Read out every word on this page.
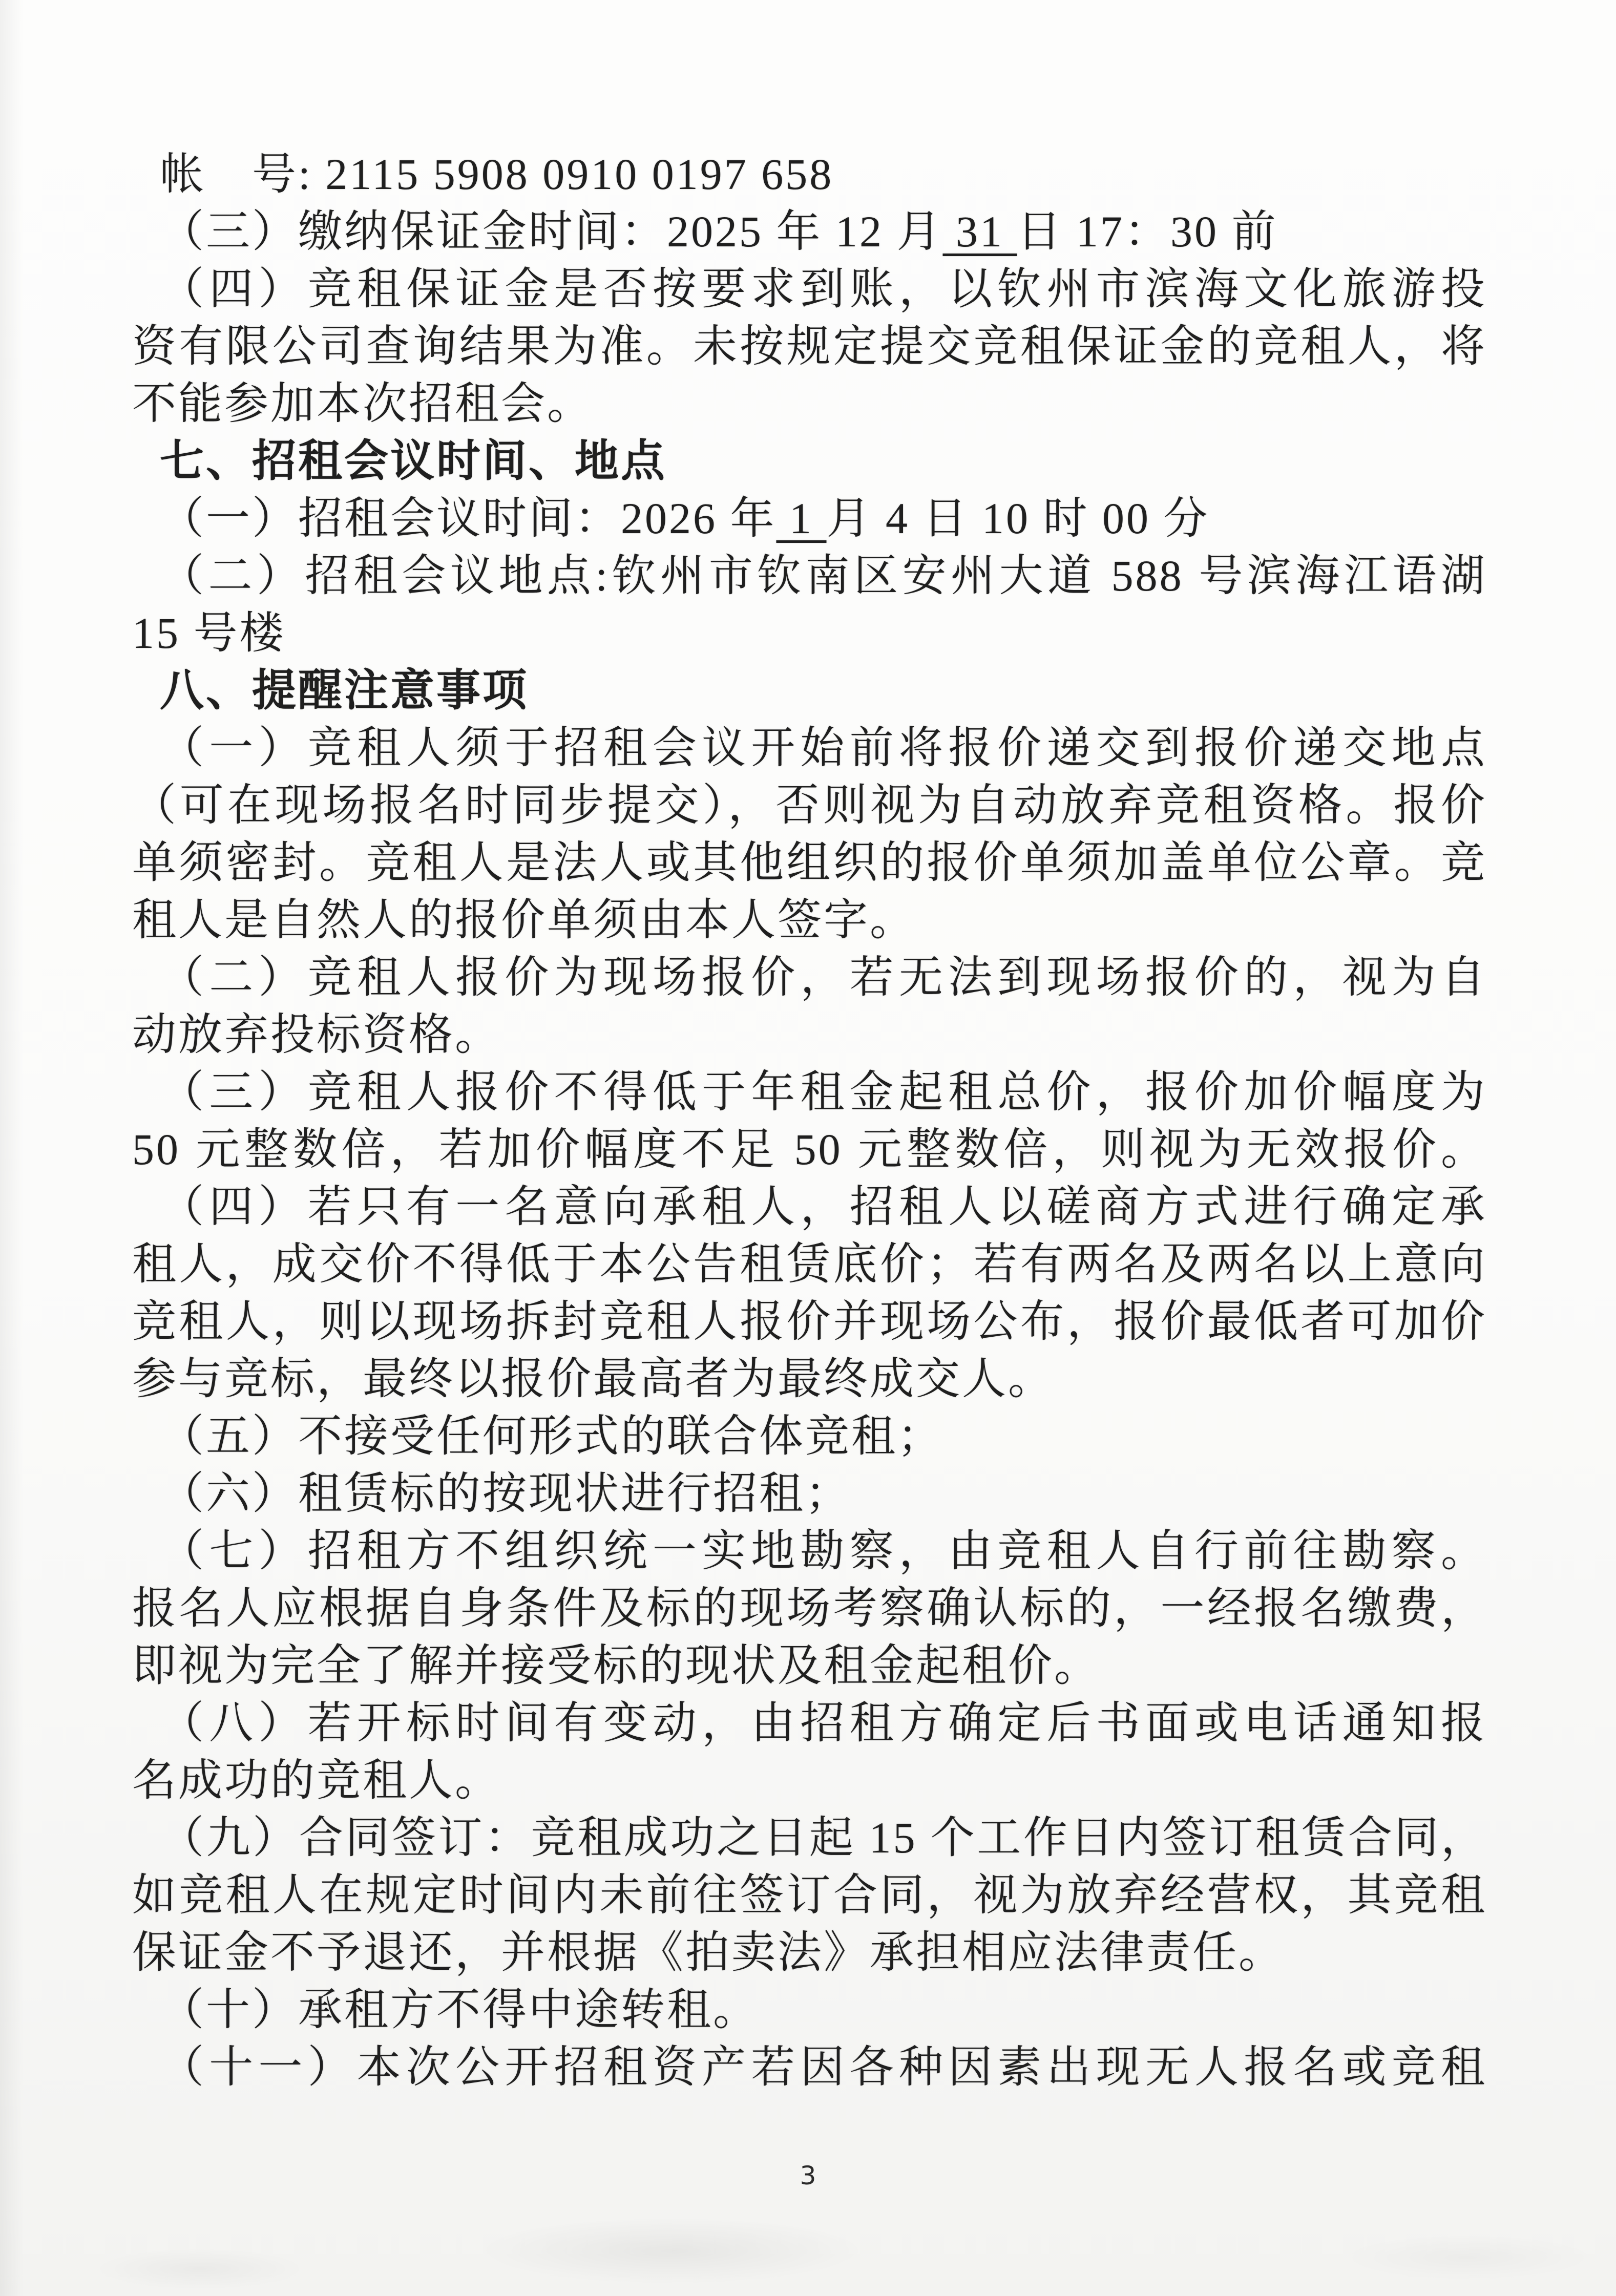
帐　号: 2115 5908 0910 0197 658
（三）缴纳保证金时间：2025 年 12 月 31 日 17：30 前
（四）竞租保证金是否按要求到账，以钦州市滨海文化旅游投
资有限公司查询结果为准。未按规定提交竞租保证金的竞租人，将
不能参加本次招租会。
七、招租会议时间、地点
（一）招租会议时间：2026 年 1 月 4 日 10 时 00 分
（二）招租会议地点:钦州市钦南区安州大道 588 号滨海江语湖
15 号楼
八、提醒注意事项
（一）竞租人须于招租会议开始前将报价递交到报价递交地点
（可在现场报名时同步提交），否则视为自动放弃竞租资格。报价
单须密封。竞租人是法人或其他组织的报价单须加盖单位公章。竞
租人是自然人的报价单须由本人签字。
（二）竞租人报价为现场报价，若无法到现场报价的，视为自
动放弃投标资格。
（三）竞租人报价不得低于年租金起租总价，报价加价幅度为
50 元整数倍，若加价幅度不足 50 元整数倍，则视为无效报价。
（四）若只有一名意向承租人，招租人以磋商方式进行确定承
租人，成交价不得低于本公告租赁底价；若有两名及两名以上意向
竞租人，则以现场拆封竞租人报价并现场公布，报价最低者可加价
参与竞标，最终以报价最高者为最终成交人。
（五）不接受任何形式的联合体竞租；
（六）租赁标的按现状进行招租；
（七）招租方不组织统一实地勘察，由竞租人自行前往勘察。
报名人应根据自身条件及标的现场考察确认标的，一经报名缴费，
即视为完全了解并接受标的现状及租金起租价。
（八）若开标时间有变动，由招租方确定后书面或电话通知报
名成功的竞租人。
（九）合同签订：竞租成功之日起 15 个工作日内签订租赁合同，
如竞租人在规定时间内未前往签订合同，视为放弃经营权，其竞租
保证金不予退还，并根据《拍卖法》承担相应法律责任。
（十）承租方不得中途转租。
（十一）本次公开招租资产若因各种因素出现无人报名或竞租
3
